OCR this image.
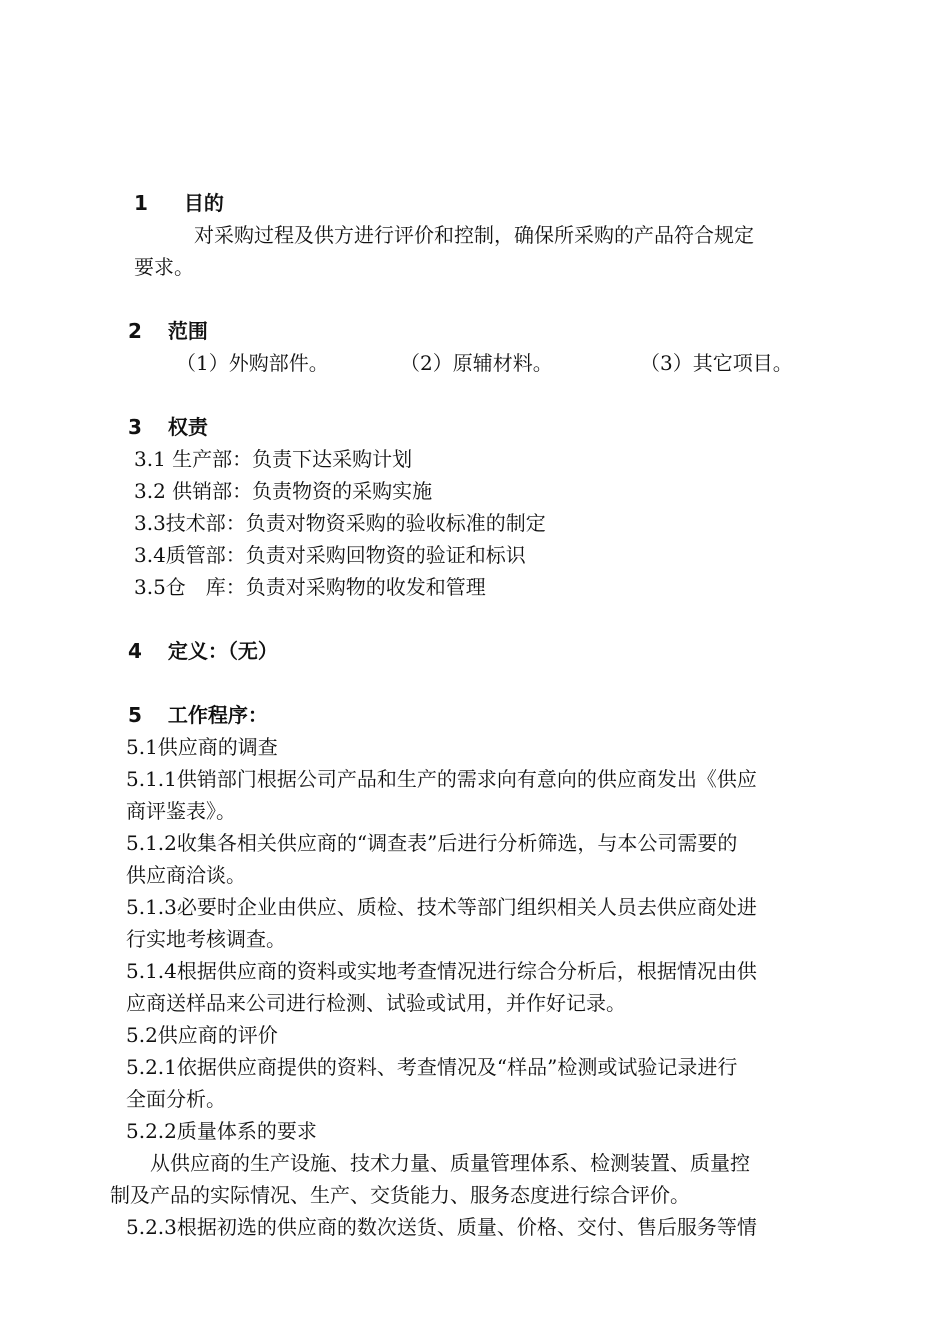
1 目的
对采购过程及供方进行评价和控制，确保所采购的产品符合规定
要求。
2 范围
（1）外购部件。	（2）原辅材料。	（3）其它项目。
3 权责
3.1 生产部：负责下达采购计划
3.2 供销部：负责物资的采购实施
3.3技术部：负责对物资采购的验收标准的制定
3.4质管部：负责对采购回物资的验证和标识
3.5仓　库：负责对采购物的收发和管理
4 定义：（无）
5 工作程序：
5.1供应商的调查
5.1.1供销部门根据公司产品和生产的需求向有意向的供应商发出《供应
商评鉴表》。
5.1.2收集各相关供应商的“调查表”后进行分析筛选，与本公司需要的
供应商洽谈。
5.1.3必要时企业由供应、质检、技术等部门组织相关人员去供应商处进
行实地考核调查。
5.1.4根据供应商的资料或实地考查情况进行综合分析后，根据情况由供
应商送样品来公司进行检测、试验或试用，并作好记录。
5.2供应商的评价
5.2.1依据供应商提供的资料、考查情况及“样品”检测或试验记录进行
全面分析。
5.2.2质量体系的要求
从供应商的生产设施、技术力量、质量管理体系、检测装置、质量控
制及产品的实际情况、生产、交货能力、服务态度进行综合评价。
5.2.3根据初选的供应商的数次送货、质量、价格、交付、售后服务等情
